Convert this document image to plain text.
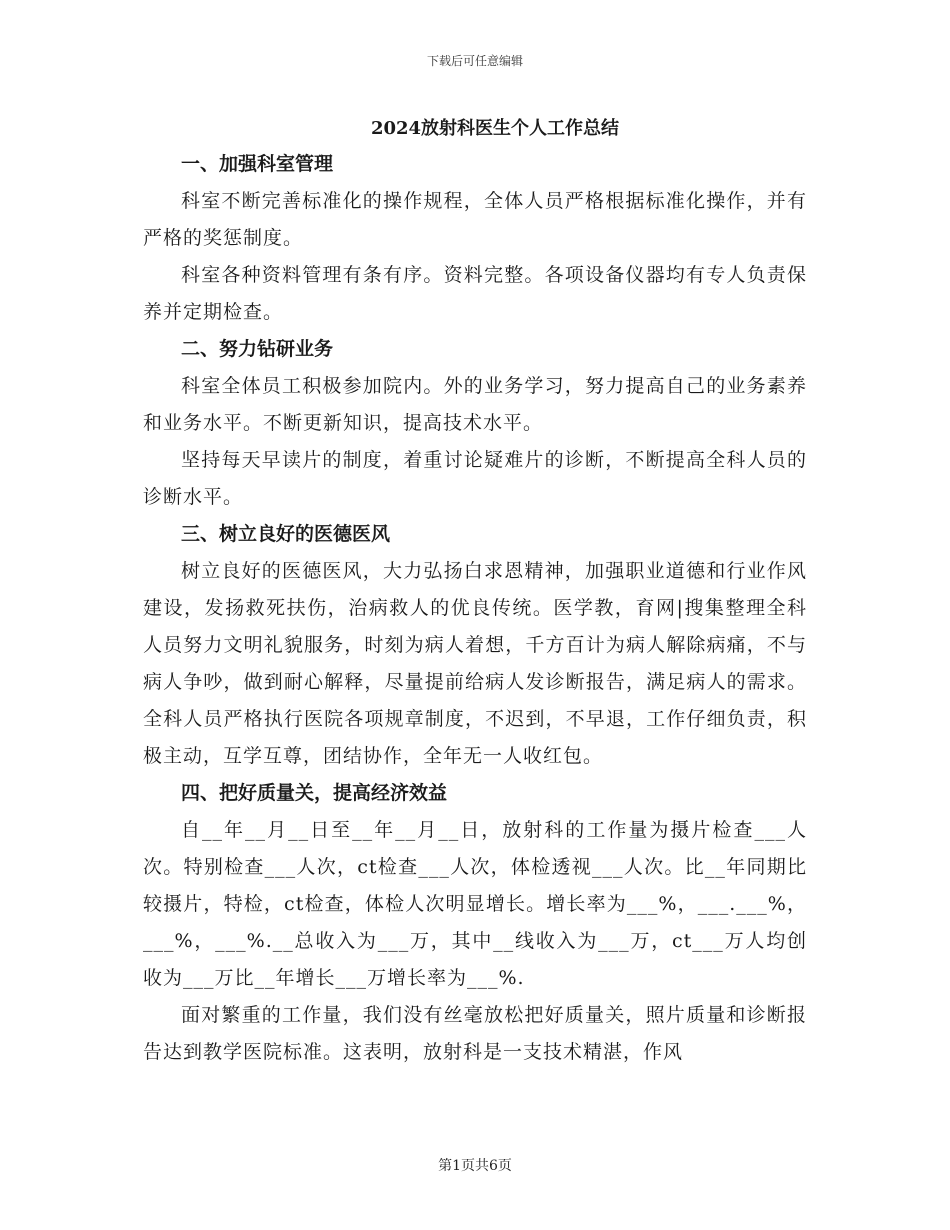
下载后可任意编辑
2024放射科医生个人工作总结

一、加强科室管理

科室不断完善标准化的操作规程，全体人员严格根据标准化操作，并有严格的奖惩制度。

科室各种资料管理有条有序。资料完整。各项设备仪器均有专人负责保养并定期检查。

二、努力钻研业务

科室全体员工积极参加院内。外的业务学习，努力提高自己的业务素养和业务水平。不断更新知识，提高技术水平。

坚持每天早读片的制度，着重讨论疑难片的诊断，不断提高全科人员的诊断水平。

三、树立良好的医德医风

树立良好的医德医风，大力弘扬白求恩精神，加强职业道德和行业作风建设，发扬救死扶伤，治病救人的优良传统。医学教，育网|搜集整理全科人员努力文明礼貌服务，时刻为病人着想，千方百计为病人解除病痛，不与病人争吵，做到耐心解释，尽量提前给病人发诊断报告，满足病人的需求。全科人员严格执行医院各项规章制度，不迟到，不早退，工作仔细负责，积极主动，互学互尊，团结协作，全年无一人收红包。

四、把好质量关，提高经济效益

自__年__月__日至__年__月__日，放射科的工作量为摄片检查___人次。特别检查___人次，ct检查___人次，体检透视___人次。比__年同期比较摄片，特检，ct检查，体检人次明显增长。增长率为___%，___.___%，___%，___%.__总收入为___万，其中__线收入为___万，ct___万人均创收为___万比__年增长___万增长率为___%.

面对繁重的工作量，我们没有丝毫放松把好质量关，照片质量和诊断报告达到教学医院标准。这表明，放射科是一支技术精湛，作风

第1页共6页
